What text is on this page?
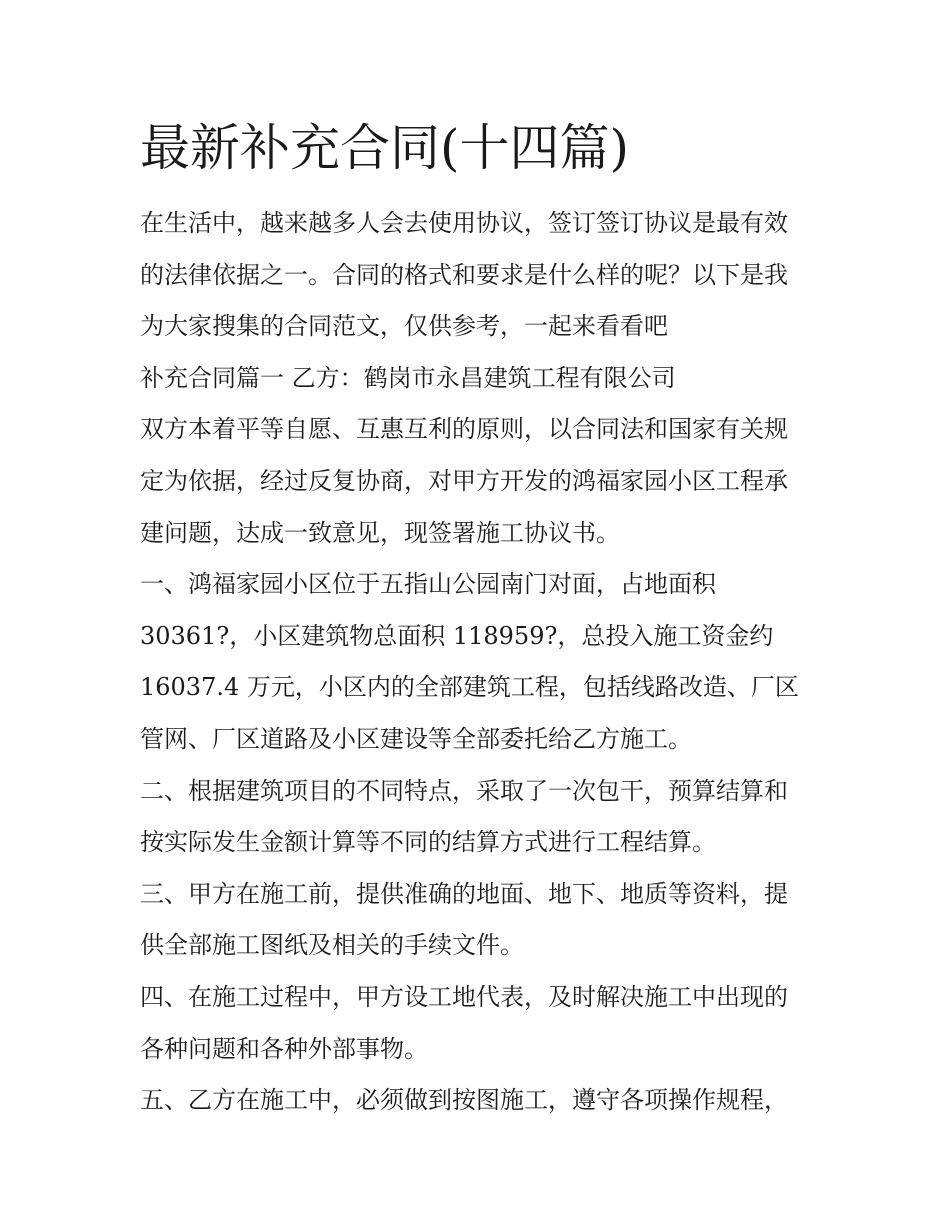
最新补充合同(十四篇)

在生活中，越来越多人会去使用协议，签订签订协议是最有效

的法律依据之一。合同的格式和要求是什么样的呢？以下是我

为大家搜集的合同范文，仅供参考，一起来看看吧

补充合同篇一 乙方：鹤岗市永昌建筑工程有限公司

双方本着平等自愿、互惠互利的原则，以合同法和国家有关规

定为依据，经过反复协商，对甲方开发的鸿福家园小区工程承

建问题，达成一致意见，现签署施工协议书。

一、鸿福家园小区位于五指山公园南门对面，占地面积

30361?，小区建筑物总面积 118959?，总投入施工资金约

16037.4 万元，小区内的全部建筑工程，包括线路改造、厂区

管网、厂区道路及小区建设等全部委托给乙方施工。

二、根据建筑项目的不同特点，采取了一次包干，预算结算和

按实际发生金额计算等不同的结算方式进行工程结算。

三、甲方在施工前，提供准确的地面、地下、地质等资料，提

供全部施工图纸及相关的手续文件。

四、在施工过程中，甲方设工地代表，及时解决施工中出现的

各种问题和各种外部事物。

五、乙方在施工中，必须做到按图施工，遵守各项操作规程，
